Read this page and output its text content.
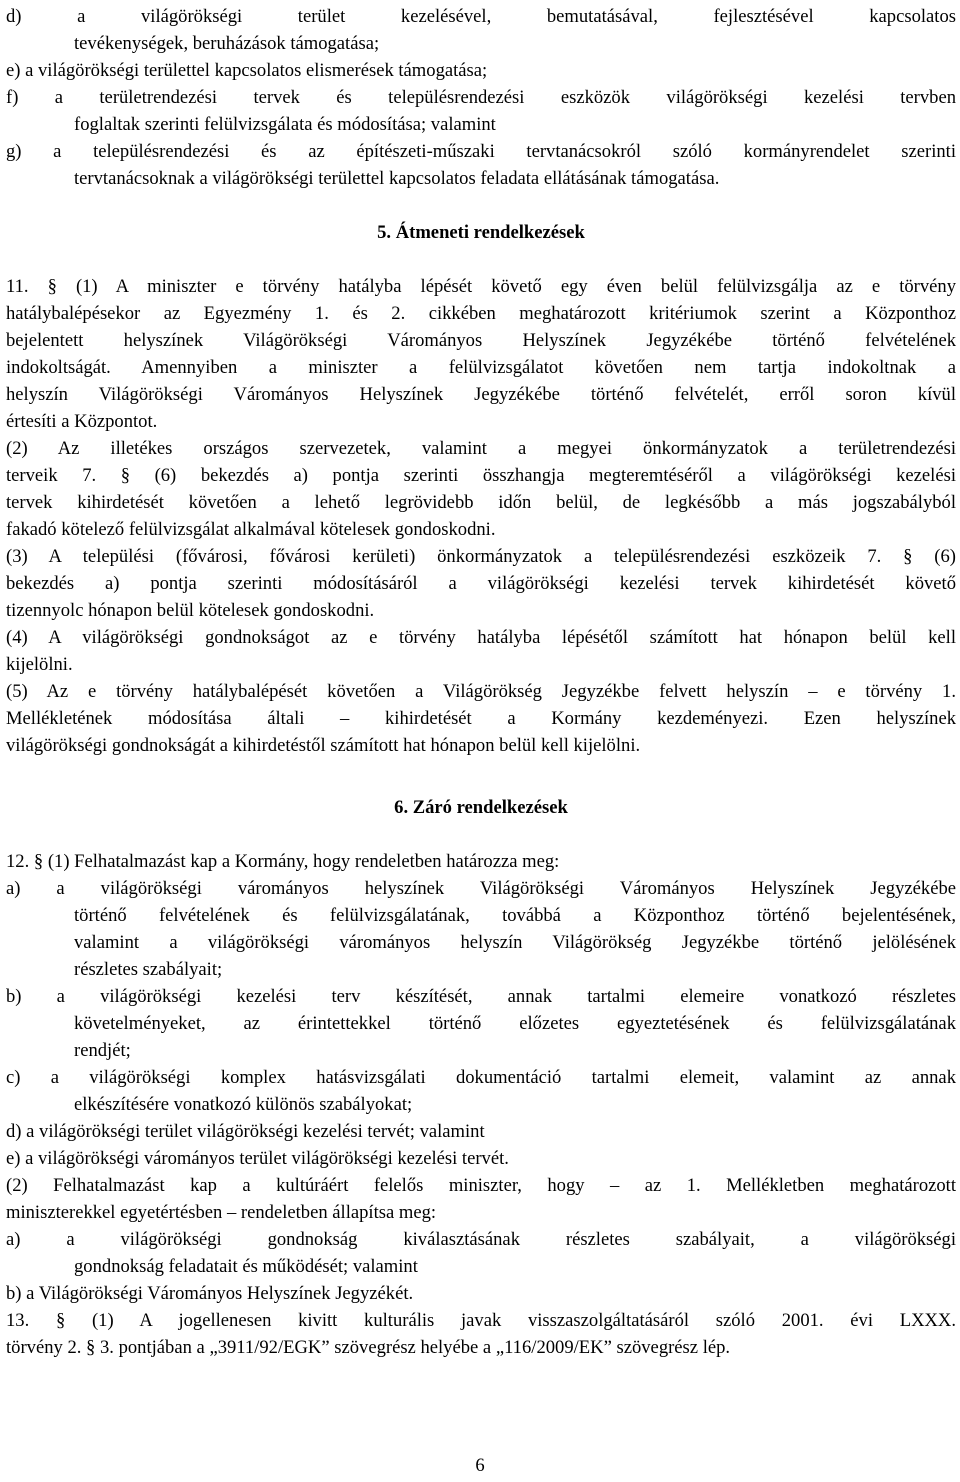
d) a világörökségi terület kezelésével, bemutatásával, fejlesztésével kapcsolatos
tevékenységek, beruházások támogatása;
e) a világörökségi területtel kapcsolatos elismerések támogatása;
f) a területrendezési tervek és településrendezési eszközök világörökségi kezelési tervben
foglaltak szerinti felülvizsgálata és módosítása; valamint
g) a településrendezési és az építészeti-műszaki tervtanácsokról szóló kormányrendelet szerinti
tervtanácsoknak a világörökségi területtel kapcsolatos feladata ellátásának támogatása.
5. Átmeneti rendelkezések
11. § (1) A miniszter e törvény hatályba lépését követő egy éven belül felülvizsgálja az e törvény
hatálybalépésekor az Egyezmény 1. és 2. cikkében meghatározott kritériumok szerint a Központhoz
bejelentett helyszínek Világörökségi Várományos Helyszínek Jegyzékébe történő felvételének
indokoltságát. Amennyiben a miniszter a felülvizsgálatot követően nem tartja indokoltnak a
helyszín Világörökségi Várományos Helyszínek Jegyzékébe történő felvételét, erről soron kívül
értesíti a Központot.
(2) Az illetékes országos szervezetek, valamint a megyei önkormányzatok a területrendezési
terveik 7. § (6) bekezdés a) pontja szerinti összhangja megteremtéséről a világörökségi kezelési
tervek kihirdetését követően a lehető legrövidebb időn belül, de legkésőbb a más jogszabályból
fakadó kötelező felülvizsgálat alkalmával kötelesek gondoskodni.
(3) A települési (fővárosi, fővárosi kerületi) önkormányzatok a településrendezési eszközeik 7. § (6)
bekezdés a) pontja szerinti módosításáról a világörökségi kezelési tervek kihirdetését követő
tizennyolc hónapon belül kötelesek gondoskodni.
(4) A világörökségi gondnokságot az e törvény hatályba lépésétől számított hat hónapon belül kell
kijelölni.
(5) Az e törvény hatálybalépését követően a Világörökség Jegyzékbe felvett helyszín – e törvény 1.
Mellékletének módosítása általi – kihirdetését a Kormány kezdeményezi. Ezen helyszínek
világörökségi gondnokságát a kihirdetéstől számított hat hónapon belül kell kijelölni.
6. Záró rendelkezések
12. § (1) Felhatalmazást kap a Kormány, hogy rendeletben határozza meg:
a) a világörökségi várományos helyszínek Világörökségi Várományos Helyszínek Jegyzékébe
történő felvételének és felülvizsgálatának, továbbá a Központhoz történő bejelentésének,
valamint a világörökségi várományos helyszín Világörökség Jegyzékbe történő jelölésének
részletes szabályait;
b) a világörökségi kezelési terv készítését, annak tartalmi elemeire vonatkozó részletes
követelményeket, az érintettekkel történő előzetes egyeztetésének és felülvizsgálatának
rendjét;
c) a világörökségi komplex hatásvizsgálati dokumentáció tartalmi elemeit, valamint az annak
elkészítésére vonatkozó különös szabályokat;
d) a világörökségi terület világörökségi kezelési tervét; valamint
e) a világörökségi várományos terület világörökségi kezelési tervét.
(2) Felhatalmazást kap a kultúráért felelős miniszter, hogy – az 1. Mellékletben meghatározott
miniszterekkel egyetértésben – rendeletben állapítsa meg:
a) a világörökségi gondnokság kiválasztásának részletes szabályait, a világörökségi
gondnokság feladatait és működését; valamint
b) a Világörökségi Várományos Helyszínek Jegyzékét.
13. § (1) A jogellenesen kivitt kulturális javak visszaszolgáltatásáról szóló 2001. évi LXXX.
törvény 2. § 3. pontjában a „3911/92/EGK” szövegrész helyébe a „116/2009/EK” szövegrész lép.
6
